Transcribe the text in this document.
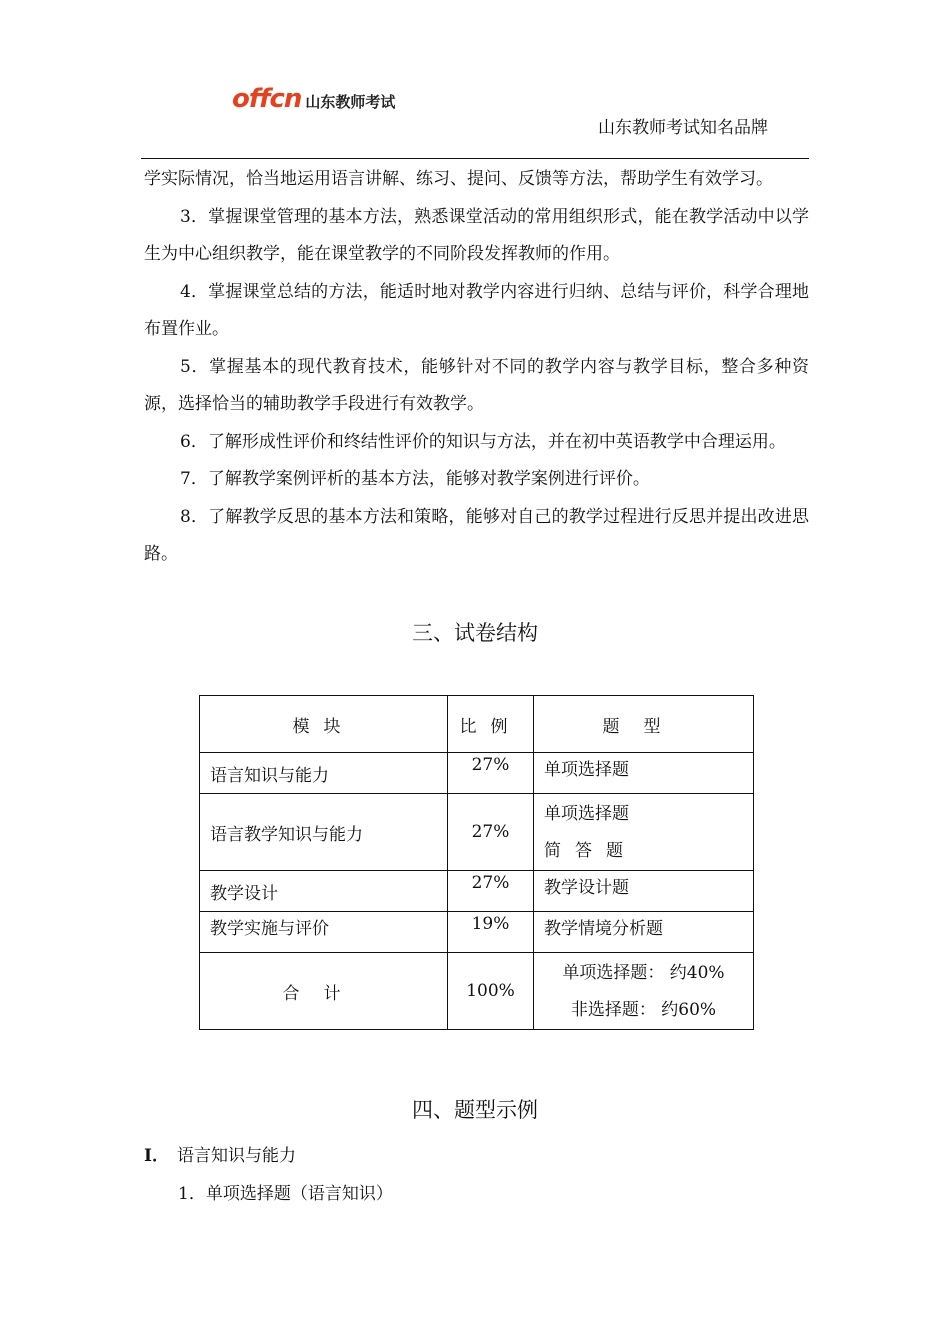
offcn 山东教师考试
山东教师考试知名品牌

学实际情况，恰当地运用语言讲解、练习、提问、反馈等方法，帮助学生有效学习。

3．掌握课堂管理的基本方法，熟悉课堂活动的常用组织形式，能在教学活动中以学生为中心组织教学，能在课堂教学的不同阶段发挥教师的作用。

4．掌握课堂总结的方法，能适时地对教学内容进行归纳、总结与评价，科学合理地布置作业。

5．掌握基本的现代教育技术，能够针对不同的教学内容与教学目标，整合多种资源，选择恰当的辅助教学手段进行有效教学。

6．了解形成性评价和终结性评价的知识与方法，并在初中英语教学中合理运用。

7．了解教学案例评析的基本方法，能够对教学案例进行评价。

8．了解教学反思的基本方法和策略，能够对自己的教学过程进行反思并提出改进思路。

三、试卷结构
模块	比例	题型
语言知识与能力	27%	单项选择题
语言教学知识与能力	27%	单项选择题
简答题

教学设计	27%	教学设计题
教学实施与评价	19%	教学情境分析题
合计	100%	单项选择题： 约40%
非选择题： 约60%
四、题型示例
I． 语言知识与能力
1．单项选择题（语言知识）
